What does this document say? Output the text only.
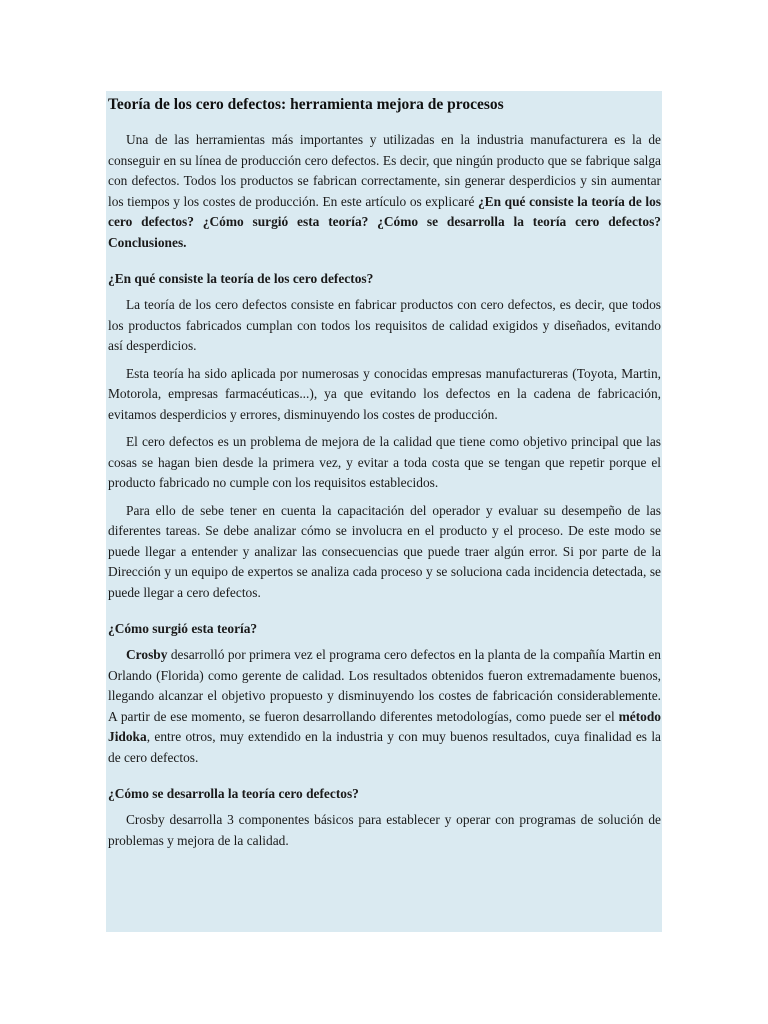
Teoría de los cero defectos: herramienta mejora de procesos

Una de las herramientas más importantes y utilizadas en la industria manufacturera es la de conseguir en su línea de producción cero defectos. Es decir, que ningún producto que se fabrique salga con defectos. Todos los productos se fabrican correctamente, sin generar desperdicios y sin aumentar los tiempos y los costes de producción. En este artículo os explicaré ¿En qué consiste la teoría de los cero defectos? ¿Cómo surgió esta teoría? ¿Cómo se desarrolla la teoría cero defectos? Conclusiones.

¿En qué consiste la teoría de los cero defectos?

La teoría de los cero defectos consiste en fabricar productos con cero defectos, es decir, que todos los productos fabricados cumplan con todos los requisitos de calidad exigidos y diseñados, evitando así desperdicios.

Esta teoría ha sido aplicada por numerosas y conocidas empresas manufactureras (Toyota, Martin, Motorola, empresas farmacéuticas...), ya que evitando los defectos en la cadena de fabricación, evitamos desperdicios y errores, disminuyendo los costes de producción.

El cero defectos es un problema de mejora de la calidad que tiene como objetivo principal que las cosas se hagan bien desde la primera vez, y evitar a toda costa que se tengan que repetir porque el producto fabricado no cumple con los requisitos establecidos.

Para ello de sebe tener en cuenta la capacitación del operador y evaluar su desempeño de las diferentes tareas. Se debe analizar cómo se involucra en el producto y el proceso. De este modo se puede llegar a entender y analizar las consecuencias que puede traer algún error. Si por parte de la Dirección y un equipo de expertos se analiza cada proceso y se soluciona cada incidencia detectada, se puede llegar a cero defectos.

¿Cómo surgió esta teoría?

Crosby desarrolló por primera vez el programa cero defectos en la planta de la compañía Martin en Orlando (Florida) como gerente de calidad. Los resultados obtenidos fueron extremadamente buenos, llegando alcanzar el objetivo propuesto y disminuyendo los costes de fabricación considerablemente. A partir de ese momento, se fueron desarrollando diferentes metodologías, como puede ser el método Jidoka, entre otros, muy extendido en la industria y con muy buenos resultados, cuya finalidad es la de cero defectos.

¿Cómo se desarrolla la teoría cero defectos?

Crosby desarrolla 3 componentes básicos para establecer y operar con programas de solución de problemas y mejora de la calidad.
